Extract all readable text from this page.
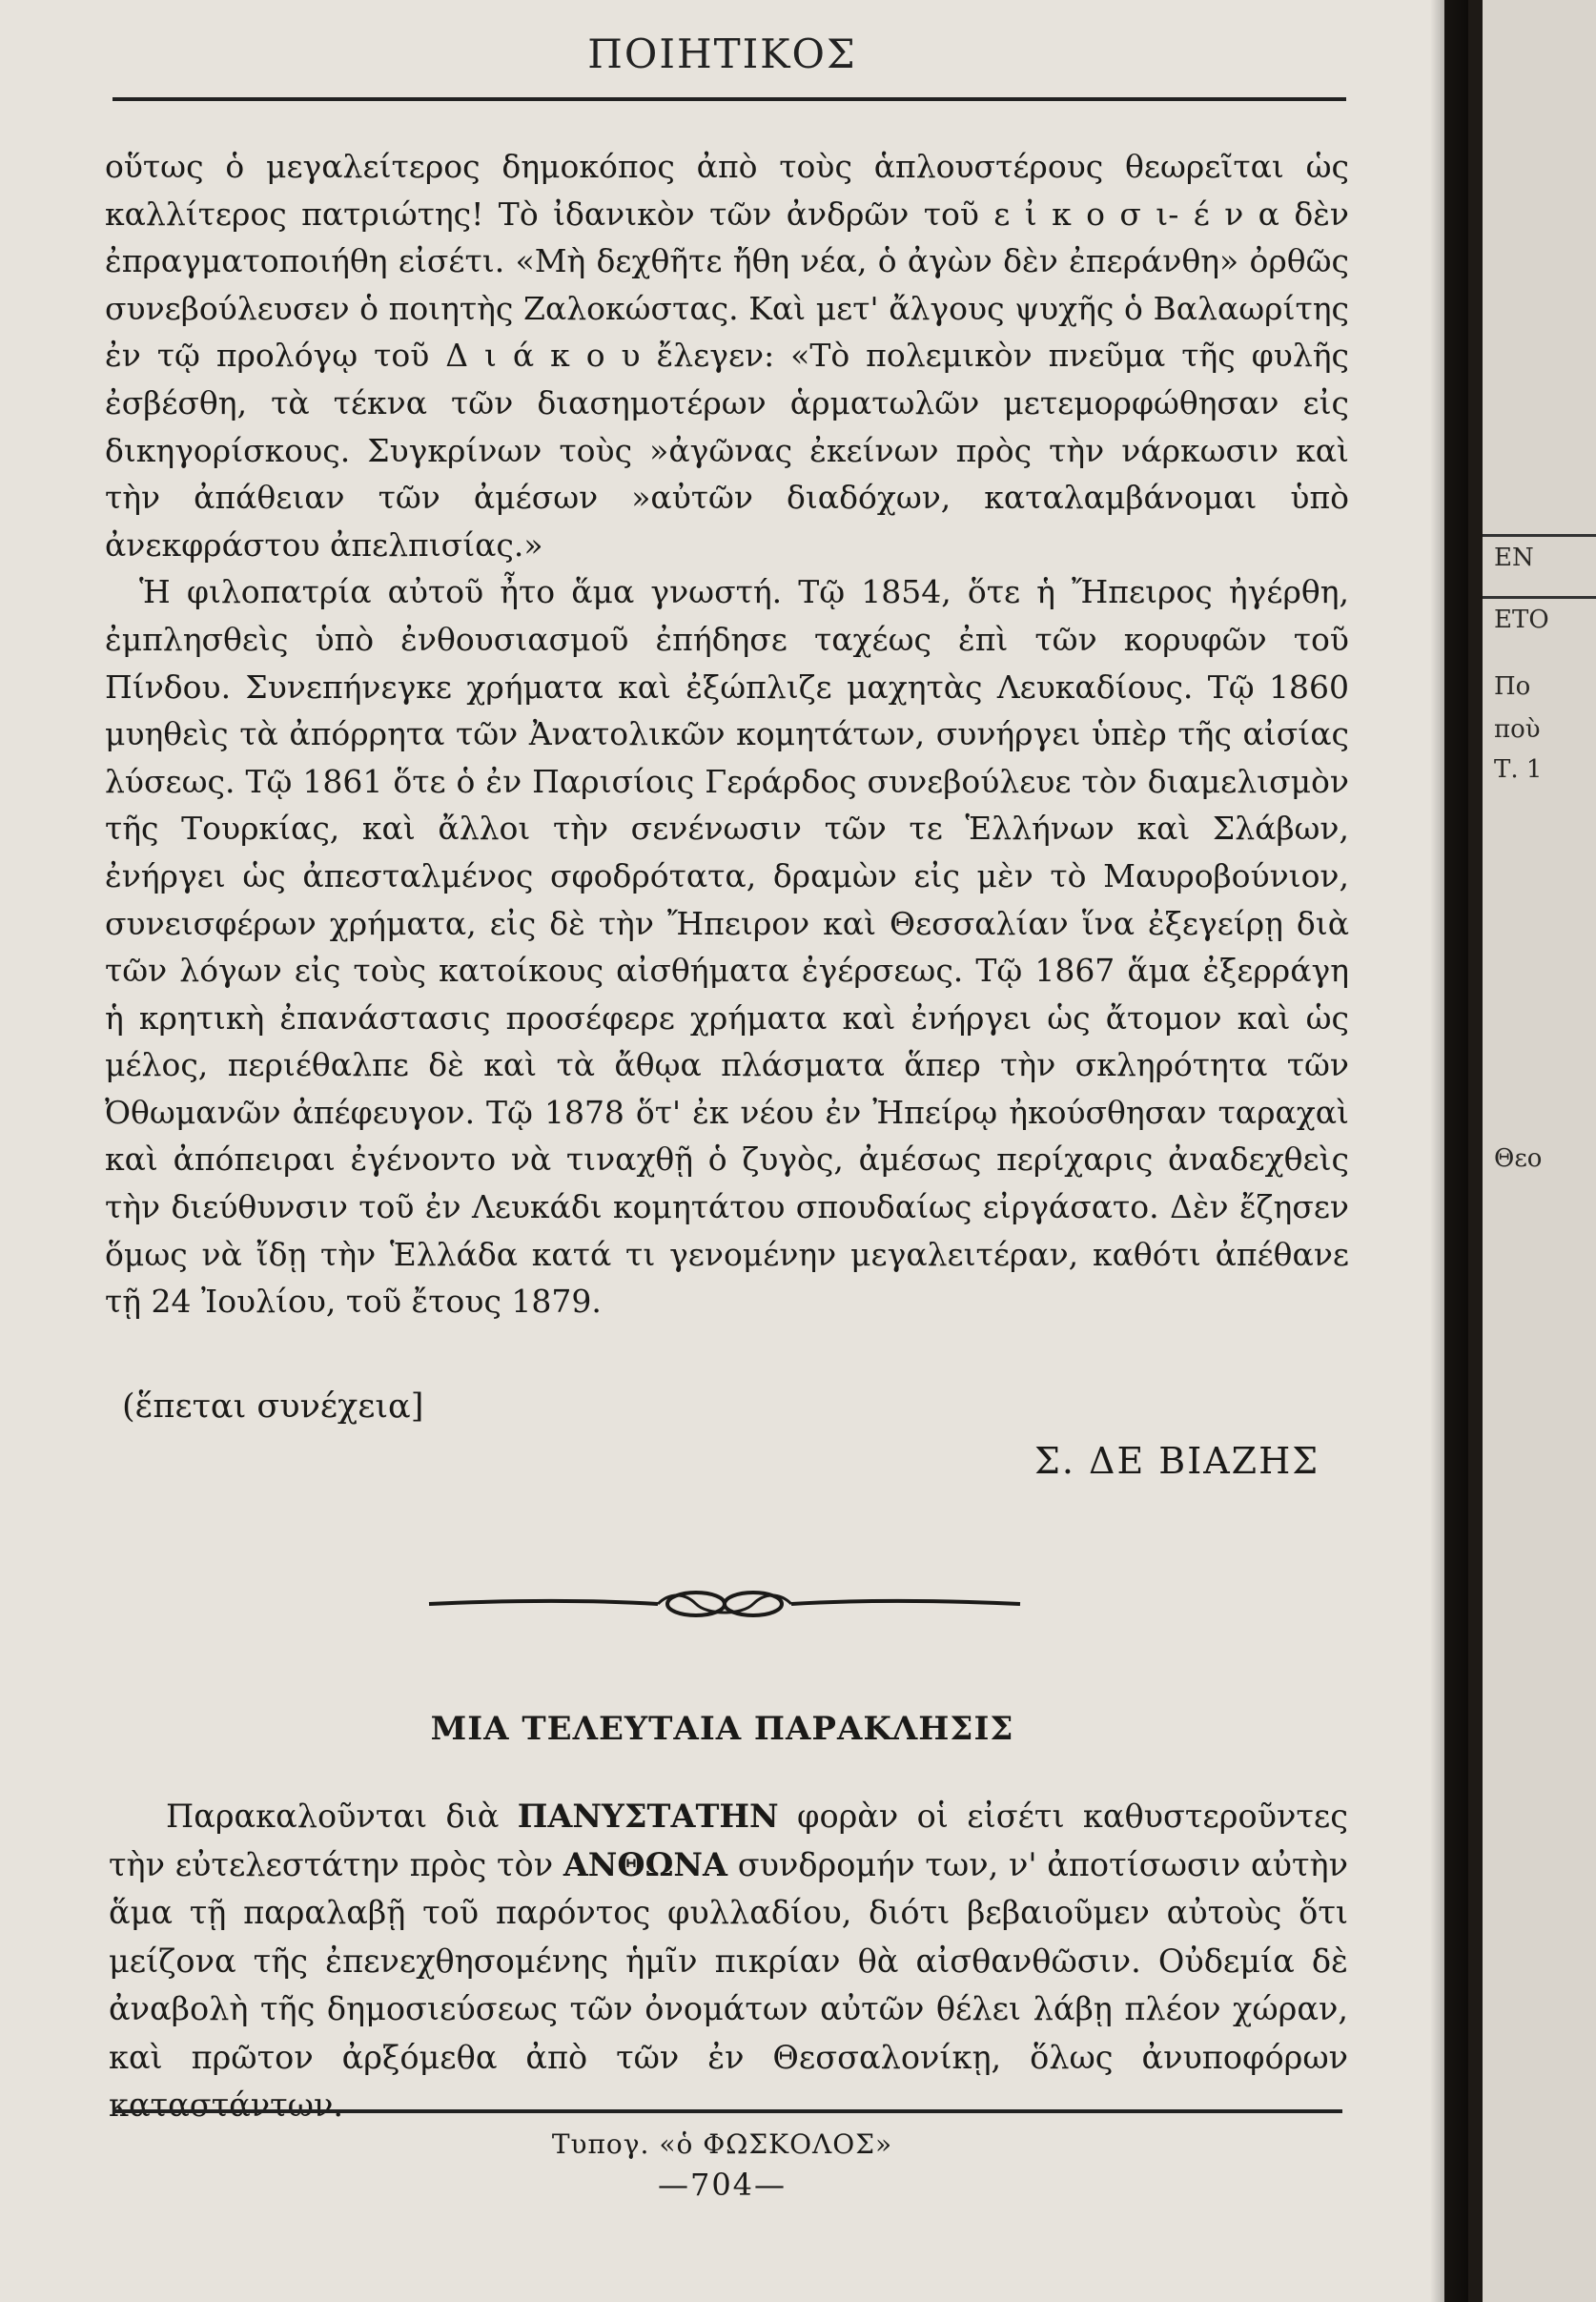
ΠΟΙΗΤΙΚΟΣ

οὕτως ὁ μεγαλείτερος δημοκόπος ἀπὸ τοὺς ἁπλουστέρους θεωρεῖται ὡς καλλίτερος πατριώτης! Τὸ ἰδανικὸν τῶν ἀνδρῶν τοῦ ε ἰ κ ο σ ι- έ ν α δὲν ἐπραγματοποιήθη εἰσέτι. «Μὴ δεχθῆτε ἤθη νέα, ὁ ἀγὼν δὲν ἐπεράνθη» ὀρθῶς συνεβούλευσεν ὁ ποιητὴς Ζαλοκώστας. Καὶ μετ' ἄλγους ψυχῆς ὁ Βαλαωρίτης ἐν τῷ προλόγῳ τοῦ Δ ι ά κ ο υ ἔλεγεν: «Τὸ πολεμικὸν πνεῦμα τῆς φυλῆς ἐσβέσθη, τὰ τέκνα τῶν διασημοτέρων ἁρματωλῶν μετεμορφώθησαν εἰς δικηγορίσκους. Συγκρίνων τοὺς »ἀγῶνας ἐκείνων πρὸς τὴν νάρκωσιν καὶ τὴν ἀπάθειαν τῶν ἀμέσων »αὐτῶν διαδόχων, καταλαμβάνομαι ὑπὸ ἀνεκφράστου ἀπελπισίας.»

Ἡ φιλοπατρία αὐτοῦ ἦτο ἅμα γνωστή. Τῷ 1854, ὅτε ἡ Ἤπειρος ἠγέρθη, ἐμπλησθεὶς ὑπὸ ἐνθουσιασμοῦ ἐπήδησε ταχέως ἐπὶ τῶν κορυφῶν τοῦ Πίνδου. Συνεπήνεγκε χρήματα καὶ ἐξώπλιζε μαχητὰς Λευκαδίους. Τῷ 1860 μυηθεὶς τὰ ἀπόρρητα τῶν Ἀνατολικῶν κομητάτων, συνήργει ὑπὲρ τῆς αἰσίας λύσεως. Τῷ 1861 ὅτε ὁ ἐν Παρισίοις Γεράρδος συνεβούλευε τὸν διαμελισμὸν τῆς Τουρκίας, καὶ ἄλλοι τὴν σενένωσιν τῶν τε Ἑλλήνων καὶ Σλάβων, ἐνήργει ὡς ἀπεσταλμένος σφοδρότατα, δραμὼν εἰς μὲν τὸ Μαυροβούνιον, συνεισφέρων χρήματα, εἰς δὲ τὴν Ἤπειρον καὶ Θεσσαλίαν ἵνα ἐξεγείρῃ διὰ τῶν λόγων εἰς τοὺς κατοίκους αἰσθήματα ἐγέρσεως. Τῷ 1867 ἅμα ἐξερράγη ἡ κρητικὴ ἐπανάστασις προσέφερε χρήματα καὶ ἐνήργει ὡς ἄτομον καὶ ὡς μέλος, περιέθαλπε δὲ καὶ τὰ ἄθῳα πλάσματα ἅπερ τὴν σκληρότητα τῶν Ὀθωμανῶν ἀπέφευγον. Τῷ 1878 ὅτ' ἐκ νέου ἐν Ἠπείρῳ ἠκούσθησαν ταραχαὶ καὶ ἀπόπειραι ἐγένοντο νὰ τιναχθῇ ὁ ζυγὸς, ἀμέσως περίχαρις ἀναδεχθεὶς τὴν διεύθυνσιν τοῦ ἐν Λευκάδι κομητάτου σπουδαίως εἰργάσατο. Δὲν ἔζησεν ὅμως νὰ ἴδῃ τὴν Ἑλλάδα κατά τι γενομένην μεγαλειτέραν, καθότι ἀπέθανε τῇ 24 Ἰουλίου, τοῦ ἔτους 1879.

(ἕπεται συνέχεια]
Σ. ΔΕ ΒΙΑΖΗΣ
ΜΙΑ ΤΕΛΕΥΤΑΙΑ ΠΑΡΑΚΛΗΣΙΣ

Παρακαλοῦνται διὰ ΠΑΝΥΣΤΑΤΗΝ φορὰν οἱ εἰσέτι καθυστεροῦντες τὴν εὐτελεστάτην πρὸς τὸν ΑΝΘΩΝΑ συνδρομήν των, ν' ἀποτίσωσιν αὐτὴν ἅμα τῇ παραλαβῇ τοῦ παρόντος φυλλαδίου, διότι βεβαιοῦμεν αὐτοὺς ὅτι μείζονα τῆς ἐπενεχθησομένης ἡμῖν πικρίαν θὰ αἰσθανθῶσιν. Οὐδεμία δὲ ἀναβολὴ τῆς δημοσιεύσεως τῶν ὀνομάτων αὐτῶν θέλει λάβῃ πλέον χώραν, καὶ πρῶτον ἀρξόμεθα ἀπὸ τῶν ἐν Θεσσαλονίκῃ, ὅλως ἀνυποφόρων καταστάντων.

Τυπογ. «ὁ ΦΩΣΚΟΛΟΣ»
—704—
ΕΝ
ΕΤΟ
Πο
ποὺ
Τ. 1
Θεο
